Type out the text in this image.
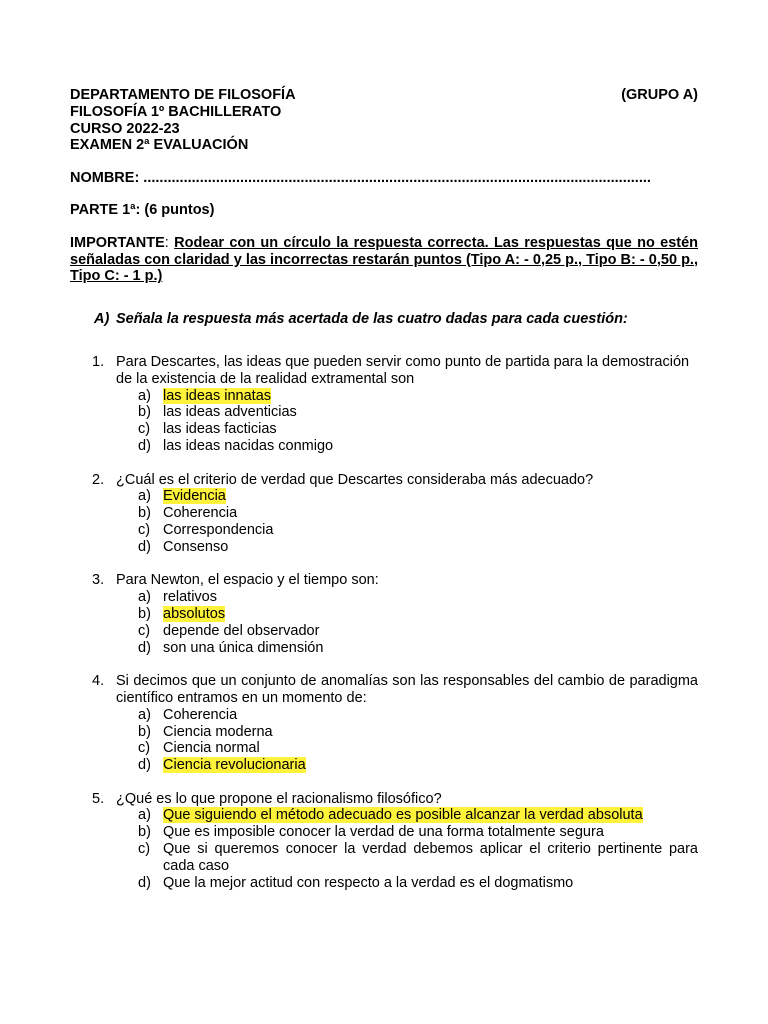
DEPARTAMENTO DE FILOSOFÍA	(GRUPO A)
FILOSOFÍA 1º BACHILLERATO
CURSO 2022-23
EXAMEN 2ª EVALUACIÓN
NOMBRE: ..............................................................................................................................
PARTE 1ª: (6 puntos)
IMPORTANTE: Rodear con un círculo la respuesta correcta. Las respuestas que no estén señaladas con claridad y las incorrectas restarán puntos (Tipo A: - 0,25 p., Tipo B: - 0,50 p., Tipo C: - 1 p.)
A) Señala la respuesta más acertada de las cuatro dadas para cada cuestión:
1. Para Descartes, las ideas que pueden servir como punto de partida para la demostración de la existencia de la realidad extramental son
a) las ideas innatas
b) las ideas adventicias
c) las ideas facticias
d) las ideas nacidas conmigo
2. ¿Cuál es el criterio de verdad que Descartes consideraba más adecuado?
a) Evidencia
b) Coherencia
c) Correspondencia
d) Consenso
3. Para Newton, el espacio y el tiempo son:
a) relativos
b) absolutos
c) depende del observador
d) son una única dimensión
4. Si decimos que un conjunto de anomalías son las responsables del cambio de paradigma científico entramos en un momento de:
a) Coherencia
b) Ciencia moderna
c) Ciencia normal
d) Ciencia revolucionaria
5. ¿Qué es lo que propone el racionalismo filosófico?
a) Que siguiendo el método adecuado es posible alcanzar la verdad absoluta
b) Que es imposible conocer la verdad de una forma totalmente segura
c) Que si queremos conocer la verdad debemos aplicar el criterio pertinente para cada caso
d) Que la mejor actitud con respecto a la verdad es el dogmatismo
